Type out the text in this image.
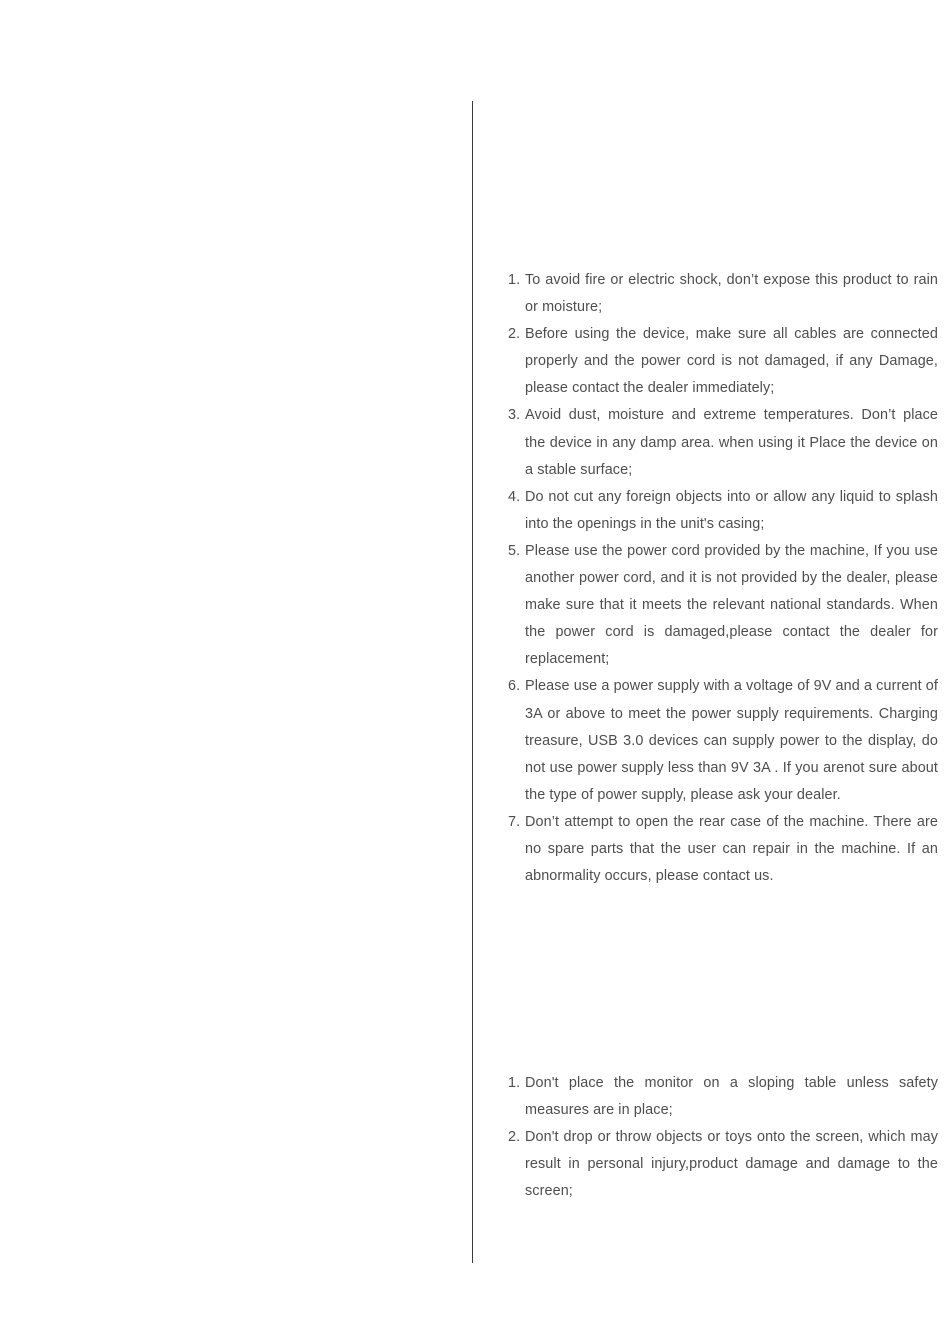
1. To avoid fire or electric shock, don’t expose this product to rain or moisture;
2. Before using the device, make sure all cables are connected properly and the power cord is not damaged, if any Damage, please contact the dealer immediately;
3. Avoid dust, moisture and extreme temperatures. Don’t place the device in any damp area. when using it Place the device on a stable surface;
4. Do not cut any foreign objects into or allow any liquid to splash into the openings in the unit's casing;
5. Please use the power cord provided by the machine, If you use another power cord, and it is not provided by the dealer, please make sure that it meets the relevant national standards. When the power cord is damaged,please contact the dealer for replacement;
6. Please use a power supply with a voltage of 9V and a current of 3A or above to meet the power supply requirements. Charging treasure, USB 3.0 devices can supply power to the display, do not use power supply less than 9V 3A . If you arenot sure about the type of power supply, please ask your dealer.
7. Don’t attempt to open the rear case of the machine. There are no spare parts that the user can repair in the machine. If an abnormality occurs, please contact us.
1. Don't place the monitor on a sloping table unless safety measures are in place;
2. Don't drop or throw objects or toys onto the screen, which may result in personal injury,product damage and damage to the screen;
